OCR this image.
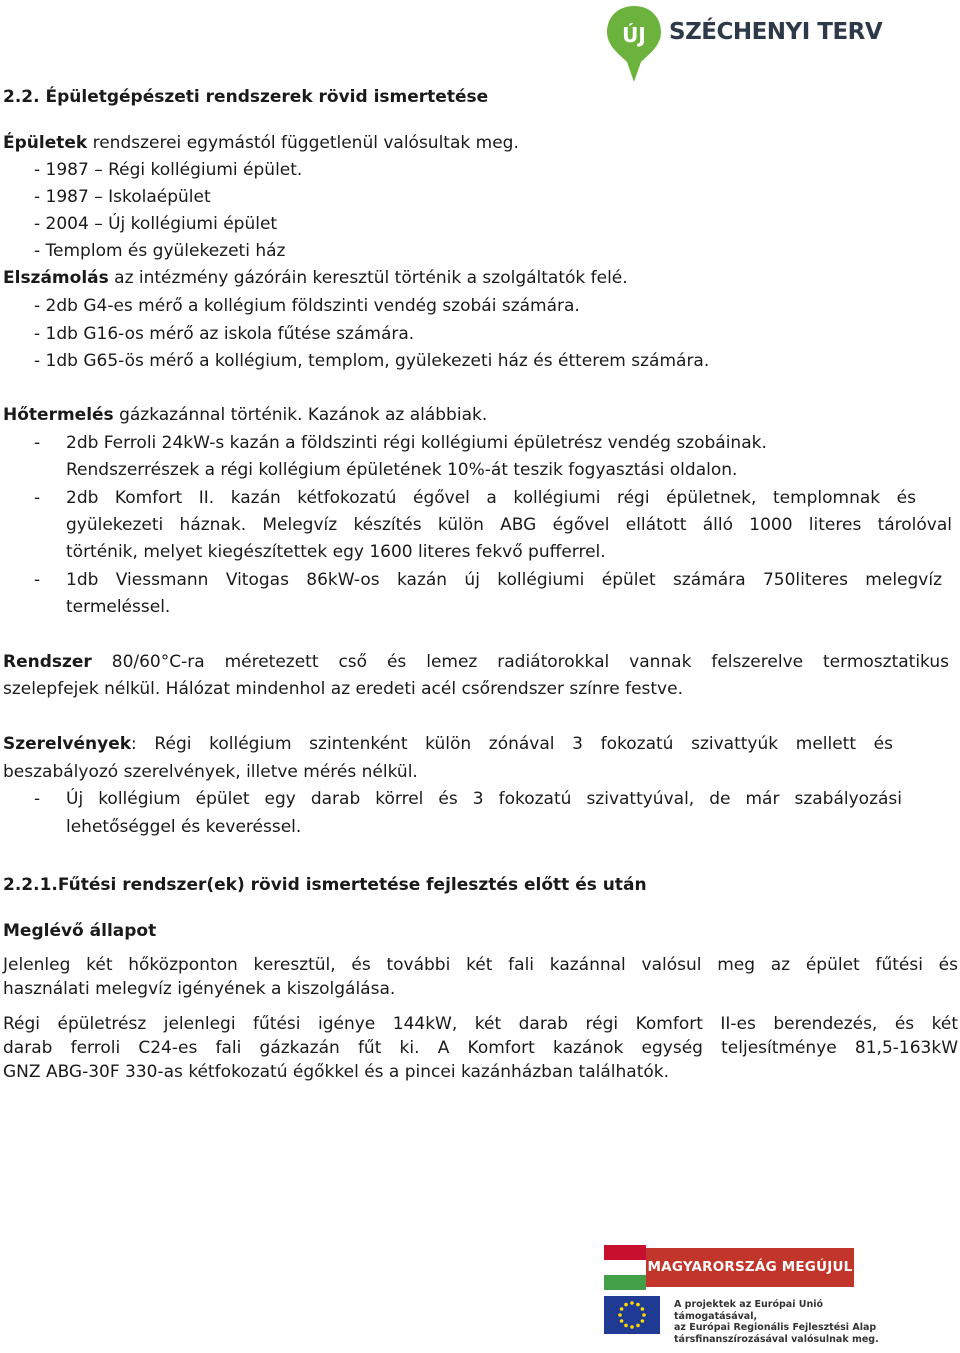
ÚJ SZÉCHENYI TERV
2.2. Épületgépészeti rendszerek rövid ismertetése
Épületek rendszerei egymástól függetlenül valósultak meg.
- 1987 – Régi kollégiumi épület.
- 1987 – Iskolaépület
- 2004 – Új kollégiumi épület
- Templom és gyülekezeti ház
Elszámolás az intézmény gázóráin keresztül történik a szolgáltatók felé.
- 2db G4-es mérő a kollégium földszinti vendég szobái számára.
- 1db G16-os mérő az iskola fűtése számára.
- 1db G65-ös mérő a kollégium, templom, gyülekezeti ház és étterem számára.
Hőtermelés gázkazánnal történik. Kazánok az alábbiak.
- 2db Ferroli 24kW-s kazán a földszinti régi kollégiumi épületrész vendég szobáinak.
Rendszerrészek a régi kollégium épületének 10%-át teszik fogyasztási oldalon.
- 2db Komfort II. kazán kétfokozatú égővel a kollégiumi régi épületnek, templomnak és
gyülekezeti háznak. Melegvíz készítés külön ABG égővel ellátott álló 1000 literes tárolóval
történik, melyet kiegészítettek egy 1600 literes fekvő pufferrel.
- 1db Viessmann Vitogas 86kW-os kazán új kollégiumi épület számára 750literes melegvíz
termeléssel.
Rendszer 80/60°C-ra méretezett cső és lemez radiátorokkal vannak felszerelve termosztatikus
szelepfejek nélkül. Hálózat mindenhol az eredeti acél csőrendszer színre festve.
Szerelvények: Régi kollégium szintenként külön zónával 3 fokozatú szivattyúk mellett és
beszabályozó szerelvények, illetve mérés nélkül.
- Új kollégium épület egy darab körrel és 3 fokozatú szivattyúval, de már szabályozási
lehetőséggel és keveréssel.
2.2.1.Fűtési rendszer(ek) rövid ismertetése fejlesztés előtt és után
Meglévő állapot
Jelenleg két hőközponton keresztül, és további két fali kazánnal valósul meg az épület fűtési és
használati melegvíz igényének a kiszolgálása.
Régi épületrész jelenlegi fűtési igénye 144kW, két darab régi Komfort II-es berendezés, és két
darab ferroli C24-es fali gázkazán fűt ki. A Komfort kazánok egység teljesítménye 81,5-163kW
GNZ ABG-30F 330-as kétfokozatú égőkkel és a pincei kazánházban találhatók.
MAGYARORSZÁG MEGÚJUL
A projektek az Európai Unió támogatásával,
az Európai Regionális Fejlesztési Alap
társfinanszírozásával valósulnak meg.
